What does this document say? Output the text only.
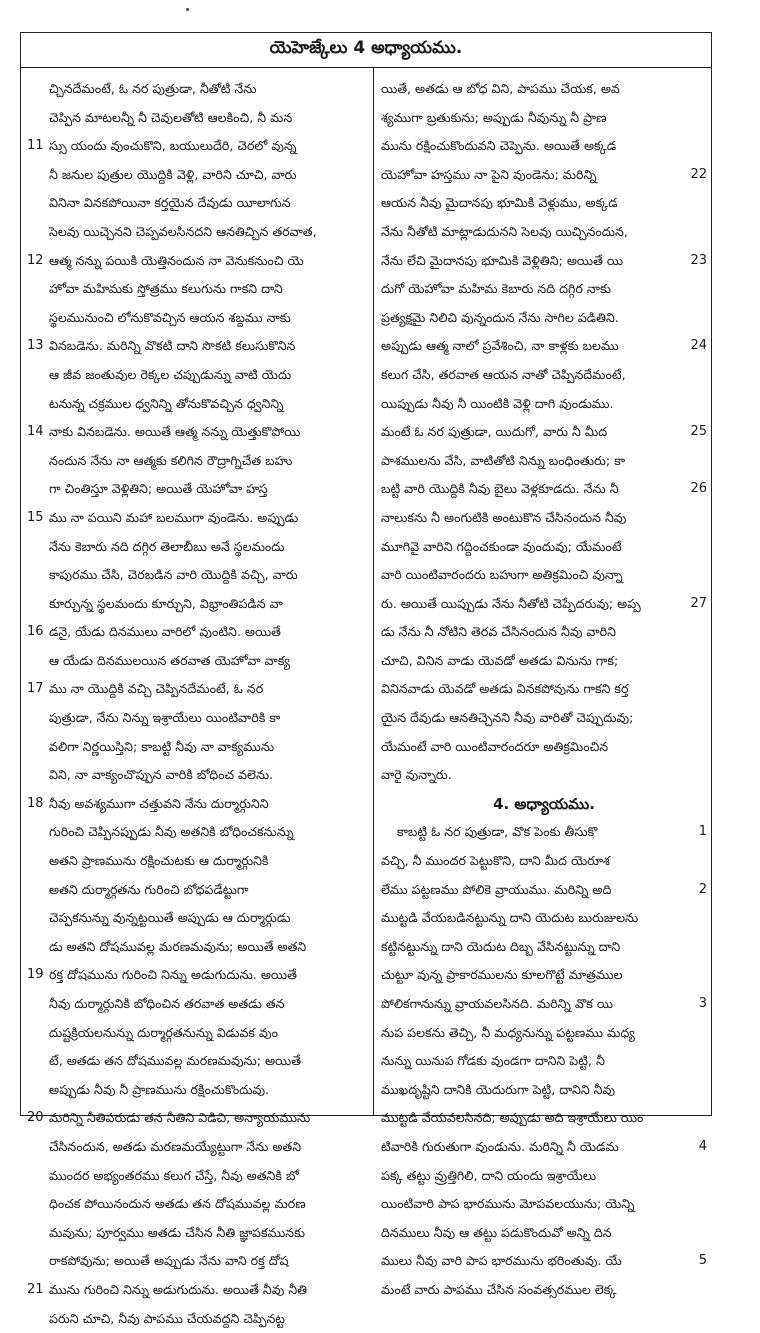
యెహెజ్కేలు 4 అధ్యాయము.
చ్చినదేమంటే, ఓ నర పుత్రుడా, నీతోటి నేను
చెప్పిన మాటలన్నీ నీ చెవులతోటి ఆలకించి, నీ మన
11 స్సు యందు వుంచుకొని, బయులుదేరి, చెరలో వున్న
నీ జనుల పుత్రుల యొద్దికి వెళ్లి, వారిని చూచి, వారు
వినినా వినకపోయినా కర్తయైన దేవుడు యీలాగున
సెలవు యిచ్చెనని చెప్పవలసినదని ఆనతిచ్చిన తరవాత,
12 ఆత్మ నన్ను పయికి యెత్తినందున నా వెనుకనుంచి యె
హోవా మహిమకు స్తోత్రము కలుగును గాకని దాని
స్థలమునుంచి లోనుకొవచ్చిన ఆయన శబ్దము నాకు
13 వినబడెను. మరిన్ని వొకటి దాని సొకటి కలుసుకొనిన
ఆ జీవ జంతువుల రెక్కల చప్పుడున్ను వాటి యెదు
టనున్న చక్రముల ధ్వనిన్ని తోనుకొవచ్చిన ధ్వనిన్ని
14 నాకు వినబడెను. అయితే ఆత్మ నన్ను యెత్తుకొపోయి
నందున నేను నా ఆత్మకు కలిగిన రౌద్రాగ్నిచేత బహు
గా చింతిస్తూ వెళ్లితిని; అయితే యెహోవా హస్త
15 ము నా పయిని మహా బలముగా వుండెను. అప్పుడు
నేను కెబారు నది దగ్గిర తెలాబీబు అనే స్థలమందు
కాపురము చేసి, చెరబడిన వారి యొద్దికి వచ్చి, వారు
కూర్చున్న స్థలమందు కూర్చుని, విభ్రాంతిపడిన వా
16 డనై, యేడు దినములు వారిలో వుంటిని. అయితే
ఆ యేడు దినములయిన తరవాత యెహోవా వాక్య
17 ము నా యొద్దికి వచ్చి చెప్పినదేమంటే, ఓ నర
పుత్రుడా, నేను నిన్ను ఇశ్రాయేలు యింటివారికి కా
వలిగా నిర్ణయిస్తిని; కాబట్టి నీవు నా వాక్యమును
విని, నా వాక్యంచొప్పున వారికి బోధించ వలెను.
18 నీవు అవశ్యముగా చత్తువని నేను దుర్మార్గునిని
గురించి చెప్పినప్పుడు నీవు అతనికి బోధించకనున్ను
అతని ప్రాణమును రక్షించుటకు ఆ దుర్మార్గునికి
అతని దుర్మార్గతను గురించి బోధపడేట్టుగా
చెప్పకనున్ను వున్నట్టయితే అప్పుడు ఆ దుర్మార్గుడు
డు అతని దోషమువల్ల మరణమవును; అయితే అతని
19 రక్త దోషమును గురించి నిన్ను అడుగుదును. అయితే
నీవు దుర్మార్గునికి బోధించిన తరవాత అతడు తన
దుష్టక్రియలనున్ను దుర్మార్గతనున్ను విడువక వుం
టే, అతడు తన దోషమువల్ల మరణమవును; అయితే
అప్పుడు నీవు నీ ప్రాణమును రక్షించుకొందువు.
20 మరిన్ని నీతిపరుడు తన నీతిని విడిచి, అన్యాయమును
చేసినందున, అతడు మరణమయ్యేట్టుగా నేను అతని
ముందర అభ్యంతరము కలుగ చేస్తే, నీవు అతనికి బో
ధించక పోయినందున అతడు తన దోషమువల్ల మరణ
మవును; పూర్వము అతడు చేసిన నీతి జ్ఞాపకమునకు
రాకపోవును; అయితే అప్పుడు నేను వాని రక్త దోష
21 మును గురించి నిన్ను అడుగుదును. అయితే నీవు నీతి
పరుని చూచి, నీవు పాపము చేయవద్దని చెప్పినట్ట
యితే, అతడు ఆ బోధ విని, పాపము చేయక, అవ
శ్యముగా బ్రతుకును; అప్పుడు నీవున్ను నీ ప్రాణ
మును రక్షించుకొందువని చెప్పెను. అయితే అక్కడ
22
యెహోవా హస్తము నా పైని వుండెను; మరిన్ని
ఆయన నీవు మైదానపు భూమికి వెళ్లుము, అక్కడ
నేను నీతోటి మాట్లాడుదునని సెలవు యిచ్చినందున,
23
నేను లేచి మైదానపు భూమికి వెళ్లితిని; అయితే యి
దుగో యెహోవా మహిమ కెబారు నది దగ్గిర నాకు
ప్రత్యక్షమై నిలిచి వున్నందున నేను సాగిల పడితిని.
24
అప్పుడు ఆత్మ నాలో ప్రవేశించి, నా కాళ్లకు బలము
కలుగ చేసి, తరవాత ఆయన నాతో చెప్పినదేమంటే,
యిప్పుడు నీవు నీ యింటికి వెళ్లి దాగి వుండుము.
25
మంటే ఓ నర పుత్రుడా, యిదుగో, వారు నీ మీద
పాశములను వేసి, వాటితోటి నిన్ను బంధింతురు; కా
26
బట్టి వారి యొద్దికి నీవు బైలు వెళ్లకూడదు. నేను నీ
నాలుకను నీ అంగుటికి అంటుకొన చేసినందున నీవు
మూగివై వారిని గద్దించకుండా వుందువు; యేమంటే
వారి యింటివారందరు బహుగా అతిక్రమించి వున్నా
27
రు. అయితే యిప్పుడు నేను నీతోటి చెప్పేదరువు; అప్ప
డు నేను నీ నోటిని తెరవ చేసినందున నీవు వారిని
చూచి, వినిన వాడు యెవడో అతడు వినును గాక;
వినినవాడు యెవడో అతడు వినకపోవును గాకని కర్త
యైన దేవుడు ఆనతిచ్చెనని నీవు వారితో చెప్పుదువు;
యేమంటే వారి యింటివారందరూ అతిక్రమించిన
వారై వున్నారు.
4. అధ్యాయము.
1
కాబట్టి ఓ నర పుత్రుడా, వొక పెంకు తీసుకొ
వచ్చి, నీ ముందర పెట్టుకొని, దాని మీద యెరూశ
2
లేము పట్టణము పోలికె వ్రాయుము. మరిన్ని అది
ముట్టడి వేయబడినట్టున్ను దాని యెదుట బురుజులను
కట్టినట్టున్ను దాని యెదుట దిబ్బ వేసినట్టున్ను దాని
చుట్టూ వున్న ప్రాకారములను కూలగొట్టే మాత్రముల
3
పోలికగానున్ను వ్రాయవలసినది. మరిన్ని వొక యి
నుప పలకను తెచ్చి, నీ మధ్యనున్ను పట్టణము మధ్య
నున్ను యినుప గోడకు వుండగా దానిని పెట్టి, నీ
ముఖదృష్టిని దానికి యెదురుగా పెట్టి, దానిని నీవు
ముట్టడి వేయవలసినది; అప్పుడు అది ఇశ్రాయేలు యిం
4
టివారికి గురుతుగా వుండును. మరిన్ని నీ యెడమ
పక్క తట్టు వ్రుత్తిగిలి, దాని యందు ఇశ్రాయేలు
యింటివారి పాప భారమును మోపవలయును; యెన్ని
దినములు నీవు ఆ తట్టు పడుకొందువో అన్ని దిన
5
ములు నీవు వారి పాప భారమును భరింతువు. యే
మంటే వారు పాపము చేసిన సంవత్సరముల లెక్క
